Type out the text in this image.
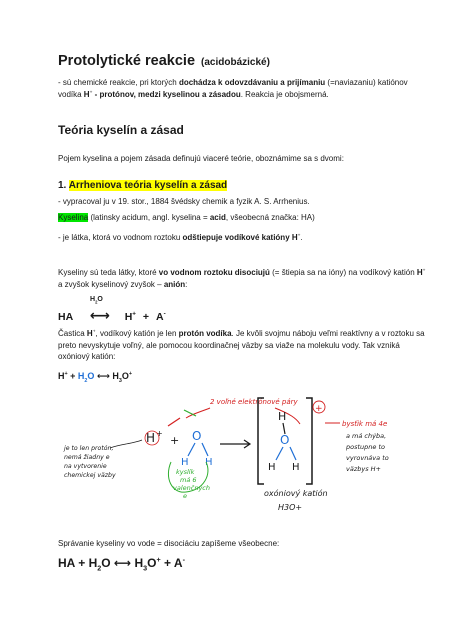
Protolytické reakcie (acidobázické)
- sú chemické reakcie, pri ktorých dochádza k odovzdávaniu a prijímaniu (=naviazaniu) katiónov vodíka H+ - protónov, medzi kyselinou a zásadou. Reakcia je obojsmerná.
Teória kyselín a zásad
Pojem kyselina a pojem zásada definujú viaceré teórie, oboznámime sa s dvomi:
1. Arrheniova teória kyselín a zásad
- vypracoval ju v 19. stor., 1884 švédsky chemik a fyzik A. S. Arrhenius.
Kyselina (latinsky acidum, angl. kyselina = acid, všeobecná značka: HA)
- je látka, ktorá vo vodnom roztoku odštiepuje vodíkové katióny H+.
Kyseliny sú teda látky, ktoré vo vodnom roztoku disociujú (= štiepia sa na ióny) na vodíkový katión H+ a zvyšok kyselinový zvyšok – anión:
$H_2O$
HA ⟷ H+ + A-
Častica H+, vodíkový katión je len protón vodíka. Je kvôli svojmu náboju veľmi reaktívny a v roztoku sa preto nevyskytuje voľný, ale pomocou koordinačnej väzby sa viaže na molekulu vody. Tak vzniká oxóniový katión:
$H^+ + H_2O$ ⟷ $H_3O^+$
2 voľné elektrónové páry
H +
+ O
H H
kyslík
má 6
valenčných
e
je to len protón,
nemá žiadny e
na vytvorenie
chemickej väzby
H
O
H H
+
bysťik má 4e
a má chýba,
postupne to
vyrovnáva to
väzbys H+
oxóniový katión
H3O+
Správanie kyseliny vo vode = disociáciu zapíšeme všeobecne:
HA + $H_2O$ ⟷ $H_3O^+ + A^-$
